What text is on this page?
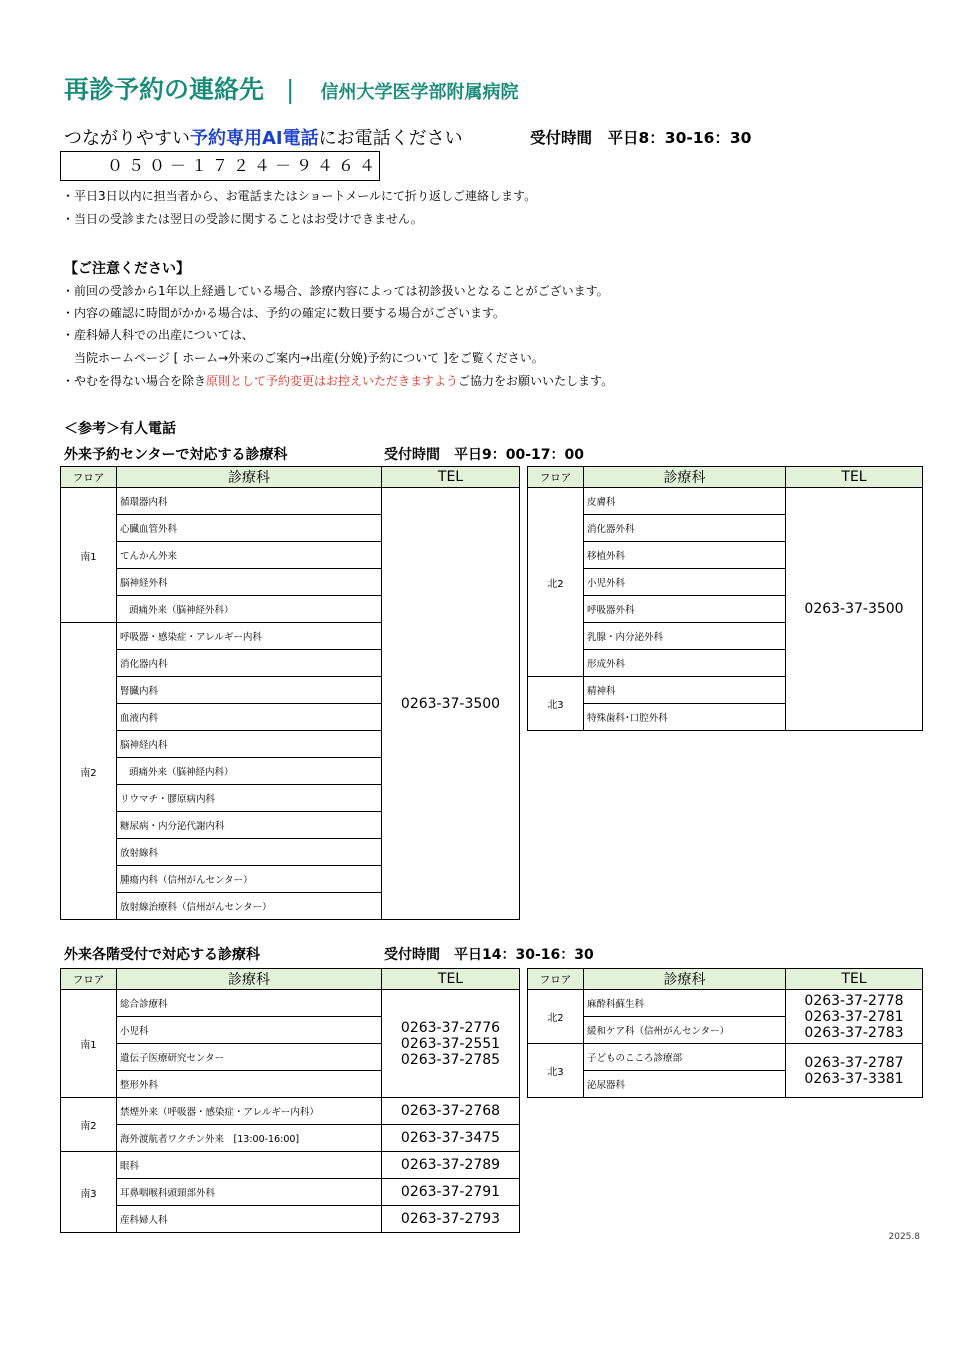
再診予約の連絡先 | 信州大学医学部附属病院
つながりやすい予約専用AI電話にお電話ください	受付時間　平日8：30-16：30
０５０－１７２４－９４６４
・平日3日以内に担当者から、お電話またはショートメールにて折り返しご連絡します。
・当日の受診または翌日の受診に関することはお受けできません。
【ご注意ください】
・前回の受診から1年以上経過している場合、診療内容によっては初診扱いとなることがございます。
・内容の確認に時間がかかる場合は、予約の確定に数日要する場合がございます。
・産科婦人科での出産については、
　当院ホームページ [ ホーム→外来のご案内→出産(分娩)予約について ]をご覧ください。
・やむを得ない場合を除き原則として予約変更はお控えいただきますようご協力をお願いいたします。
＜参考＞有人電話
外来予約センターで対応する診療科	受付時間　平日9：00-17：00
フロア	診療科	TEL
南1	循環器内科	0263-37-3500
	心臓血管外科	
	てんかん外来	
	脳神経外科	
	頭痛外来（脳神経外科）	
南2	呼吸器・感染症・アレルギー内科	
	消化器内科	
	腎臓内科	
	血液内科	
	脳神経内科	
	頭痛外来（脳神経内科）	
	リウマチ・膠原病内科	
	糖尿病・内分泌代謝内科	
	放射線科	
	腫瘍内科（信州がんセンター）	
	放射線治療科（信州がんセンター）	
フロア	診療科	TEL
北2	皮膚科	0263-37-3500
	消化器外科	
	移植外科	
	小児外科	
	呼吸器外科	
	乳腺・内分泌外科	
	形成外科	
北3	精神科	
	特殊歯科･口腔外科	
外来各階受付で対応する診療科	受付時間　平日14：30-16：30
フロア	診療科	TEL
南1	総合診療科	0263-37-2776
0263-37-2551
0263-37-2785

	小児科	
	遺伝子医療研究センター	
	整形外科	
南2	禁煙外来（呼吸器・感染症・アレルギー内科）	0263-37-2768
	海外渡航者ワクチン外来　[13:00-16:00]	0263-37-3475
南3	眼科	0263-37-2789
	耳鼻咽喉科頭頸部外科	0263-37-2791
	産科婦人科	0263-37-2793
フロア	診療科	TEL
北2	麻酔科蘇生科	0263-37-2778
0263-37-2781
0263-37-2783

	緩和ケア科（信州がんセンター）	
北3	子どものこころ診療部	0263-37-2787
0263-37-3381

	泌尿器科	
2025.8
